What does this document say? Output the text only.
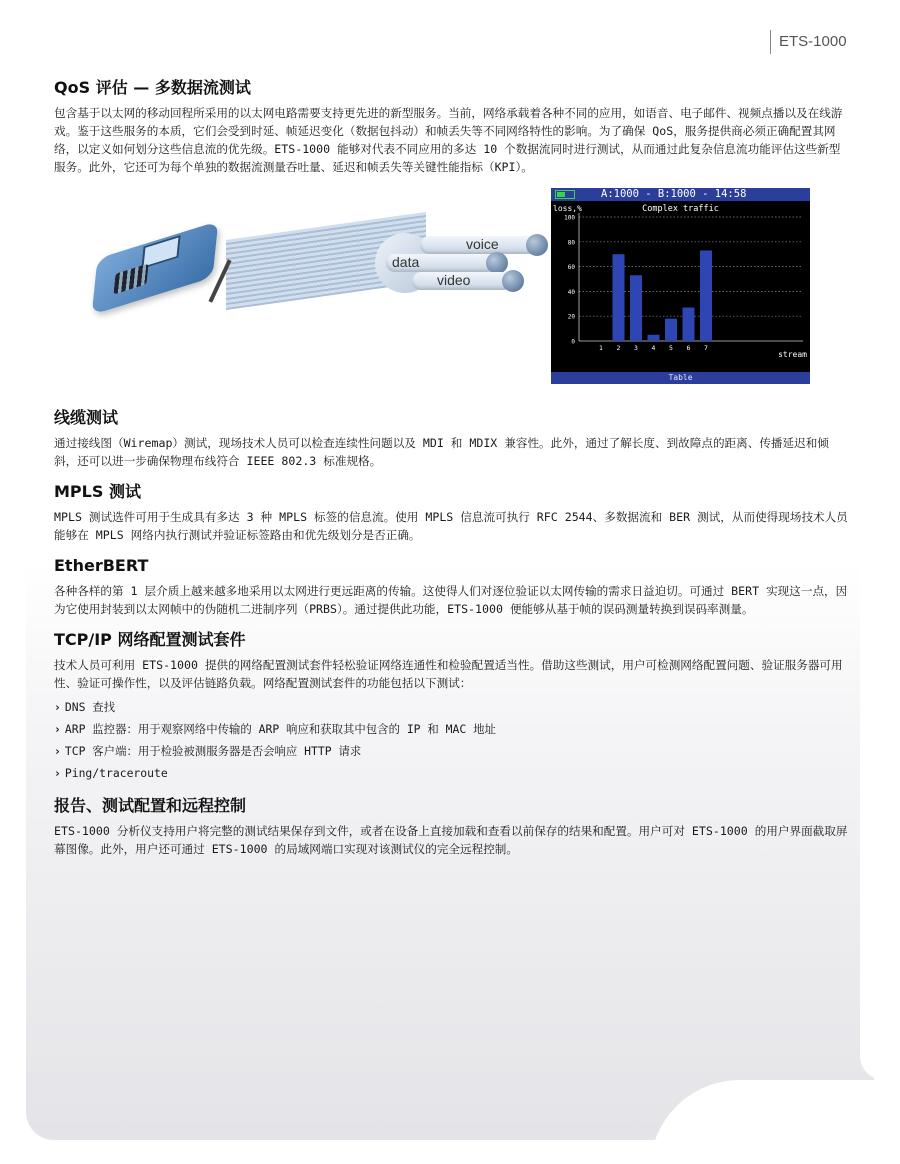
ETS-1000
QoS 评估 — 多数据流测试

包含基于以太网的移动回程所采用的以太网电路需要支持更先进的新型服务。当前，网络承载着各种不同的应用，如语音、电子邮件、视频点播以及在线游戏。鉴于这些服务的本质，它们会受到时延、帧延迟变化（数据包抖动）和帧丢失等不同网络特性的影响。为了确保 QoS，服务提供商必须正确配置其网络，以定义如何划分这些信息流的优先级。ETS-1000 能够对代表不同应用的多达 10 个数据流同时进行测试，从而通过此复杂信息流功能评估这些新型服务。此外，它还可为每个单独的数据流测量吞吐量、延迟和帧丢失等关键性能指标（KPI）。

voice
data
video
A:1000 - B:1000 - 14:58
Complex traffic
loss,%
stream
0
20
40
60
80
100
1 2 3 4 5 6 7
Table
线缆测试

通过接线图（Wiremap）测试，现场技术人员可以检查连续性问题以及 MDI 和 MDIX 兼容性。此外，通过了解长度、到故障点的距离、传播延迟和倾斜，还可以进一步确保物理布线符合 IEEE 802.3 标准规格。

MPLS 测试

MPLS 测试选件可用于生成具有多达 3 种 MPLS 标签的信息流。使用 MPLS 信息流可执行 RFC 2544、多数据流和 BER 测试，从而使得现场技术人员能够在 MPLS 网络内执行测试并验证标签路由和优先级划分是否正确。

EtherBERT

各种各样的第 1 层介质上越来越多地采用以太网进行更远距离的传输。这使得人们对逐位验证以太网传输的需求日益迫切。可通过 BERT 实现这一点，因为它使用封装到以太网帧中的伪随机二进制序列（PRBS）。通过提供此功能，ETS-1000 便能够从基于帧的误码测量转换到误码率测量。

TCP/IP 网络配置测试套件

技术人员可利用 ETS-1000 提供的网络配置测试套件轻松验证网络连通性和检验配置适当性。借助这些测试，用户可检测网络配置问题、验证服务器可用性、验证可操作性，以及评估链路负载。网络配置测试套件的功能包括以下测试：

› DNS 查找
› ARP 监控器：用于观察网络中传输的 ARP 响应和获取其中包含的 IP 和 MAC 地址
› TCP 客户端：用于检验被测服务器是否会响应 HTTP 请求
› Ping/traceroute
报告、测试配置和远程控制

ETS-1000 分析仪支持用户将完整的测试结果保存到文件，或者在设备上直接加载和查看以前保存的结果和配置。用户可对 ETS-1000 的用户界面截取屏幕图像。此外，用户还可通过 ETS-1000 的局域网端口实现对该测试仪的完全远程控制。
